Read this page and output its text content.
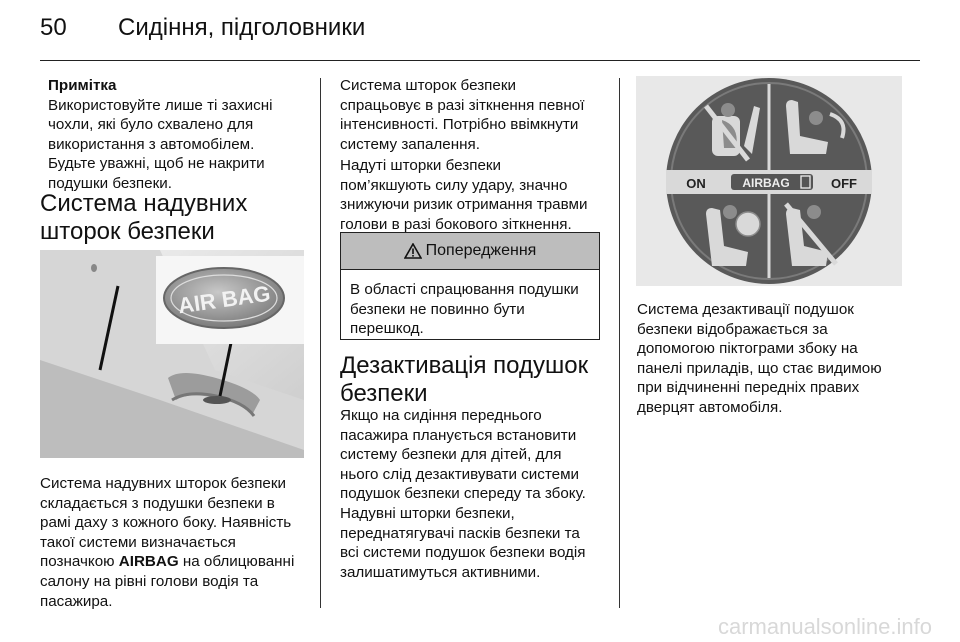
50 Сидіння, підголовники
Примітка
Використовуйте лише ті захисні
чохли, які було схвалено для
використання з автомобілем.
Будьте уважні, щоб не накрити
подушки безпеки.
Система надувних
шторок безпеки
AIR BAG
Система надувних шторок безпеки
складається з подушки безпеки в
рамі даху з кожного боку. Наявність
такої системи визначається
позначкою AIRBAG на облицюванні
салону на рівні голови водія та
пасажира.
Система шторок безпеки
спрацьовує в разі зіткнення певної
інтенсивності. Потрібно ввімкнути
систему запалення.
Надуті шторки безпеки
пом’якшують силу удару, значно
знижуючи ризик отримання травми
голови в разі бокового зіткнення.
Попередження
В області спрацювання подушки
безпеки не повинно бути
перешкод.
Дезактивація подушок
безпеки
Якщо на сидіння переднього
пасажира планується встановити
систему безпеки для дітей, для
нього слід дезактивувати системи
подушок безпеки спереду та збоку.
Надувні шторки безпеки,
переднатягувачі пасків безпеки та
всі системи подушок безпеки водія
залишатимуться активними.
ON	AIRBAG	OFF
Система дезактивації подушок
безпеки відображається за
допомогою піктограми збоку на
панелі приладів, що стає видимою
при відчиненні передніх правих
дверцят автомобіля.
carmanualsonline.info
